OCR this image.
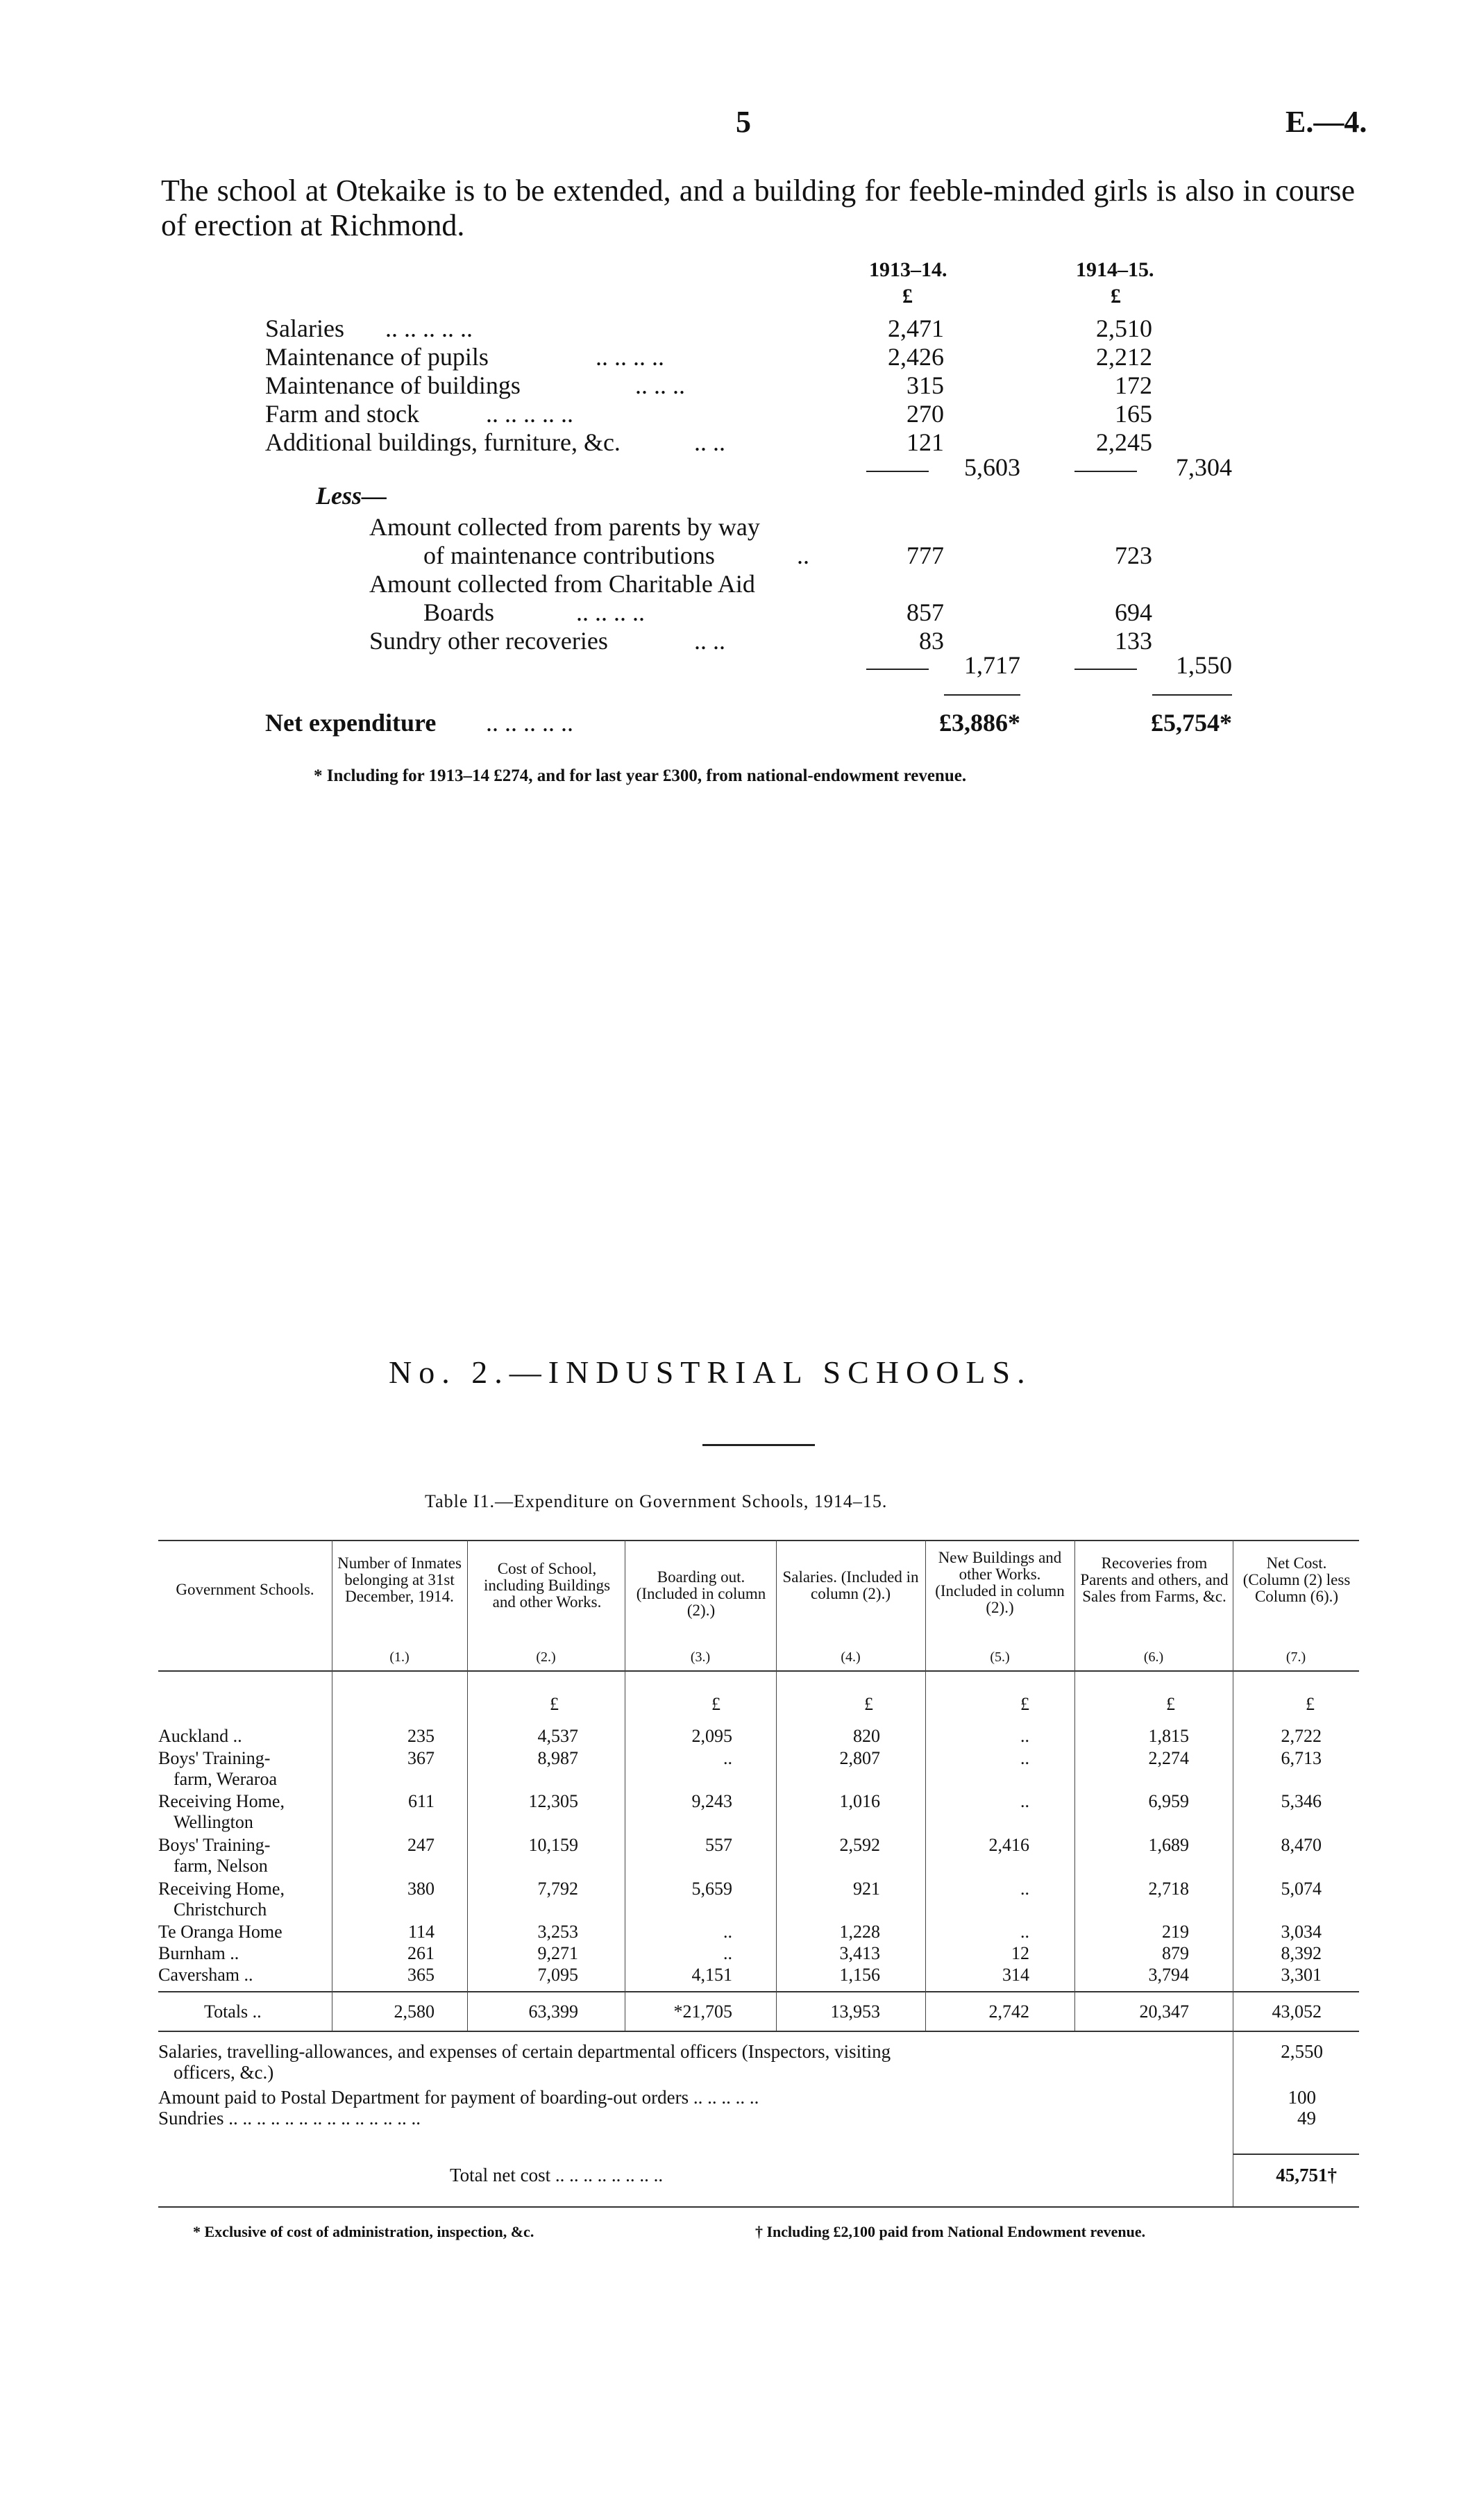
5	E.—4.
The school at Otekaike is to be extended, and a building for feeble-minded girls is also in course of erection at Richmond.
1913–14.	1914–15.
£	£
Salaries .. .. .. .. ..	2,471	2,510
Maintenance of pupils	.. .. .. ..	2,426	2,212
Maintenance of buildings	.. .. ..	315	172
Farm and stock	.. .. .. .. ..	270	165
Additional buildings, furniture, &c.	.. ..	121	2,245
5,603	7,304
Less—
Amount collected from parents by way
of maintenance contributions	..	777	723
Amount collected from Charitable Aid
Boards	.. .. .. ..	857	694
Sundry other recoveries	.. ..	83	133
1,717	1,550
Net expenditure .. .. .. .. ..	£3,886*	£5,754*
* Including for 1913–14 £274, and for last year £300, from national-endowment revenue.
No. 2.—INDUSTRIAL SCHOOLS.
Table I1.—Expenditure on Government Schools, 1914–15.
Government Schools.
Number of Inmates belonging at 31st December, 1914.
Cost of School, including Buildings and other Works.
Boarding out. (Included in column (2).)
Salaries. (Included in column (2).)
New Buildings and other Works. (Included in column (2).)
Recoveries from Parents and others, and Sales from Farms, &c.
Net Cost. (Column (2) less Column (6).)
(1.)	(2.)	(3.)	(4.)	(5.)	(6.)	(7.)
£	£	£	£	£	£
Auckland ..	235	4,537	2,095	820	..	1,815	2,722
Boys' Training-
farm, Weraroa
367	8,987	..	2,807	..	2,274	6,713
Receiving Home,
Wellington
611	12,305	9,243	1,016	..	6,959	5,346
Boys' Training-
farm, Nelson
247	10,159	557	2,592	2,416	1,689	8,470
Receiving Home,
Christchurch
380	7,792	5,659	921	..	2,718	5,074
Te Oranga Home	114	3,253	..	1,228	..	219	3,034
Burnham ..	261	9,271	..	3,413	12	879	8,392
Caversham ..	365	7,095	4,151	1,156	314	3,794	3,301
Totals ..	2,580	63,399	*21,705	13,953	2,742	20,347	43,052
Salaries, travelling-allowances, and expenses of certain departmental officers (Inspectors, visiting
officers, &c.)
2,550
Amount paid to Postal Department for payment of boarding-out orders .. .. .. .. ..	100
Sundries .. .. .. .. .. .. .. .. .. .. .. .. .. ..	49
Total net cost .. .. .. .. .. .. .. ..	45,751†
* Exclusive of cost of administration, inspection, &c.	† Including £2,100 paid from National Endowment revenue.
